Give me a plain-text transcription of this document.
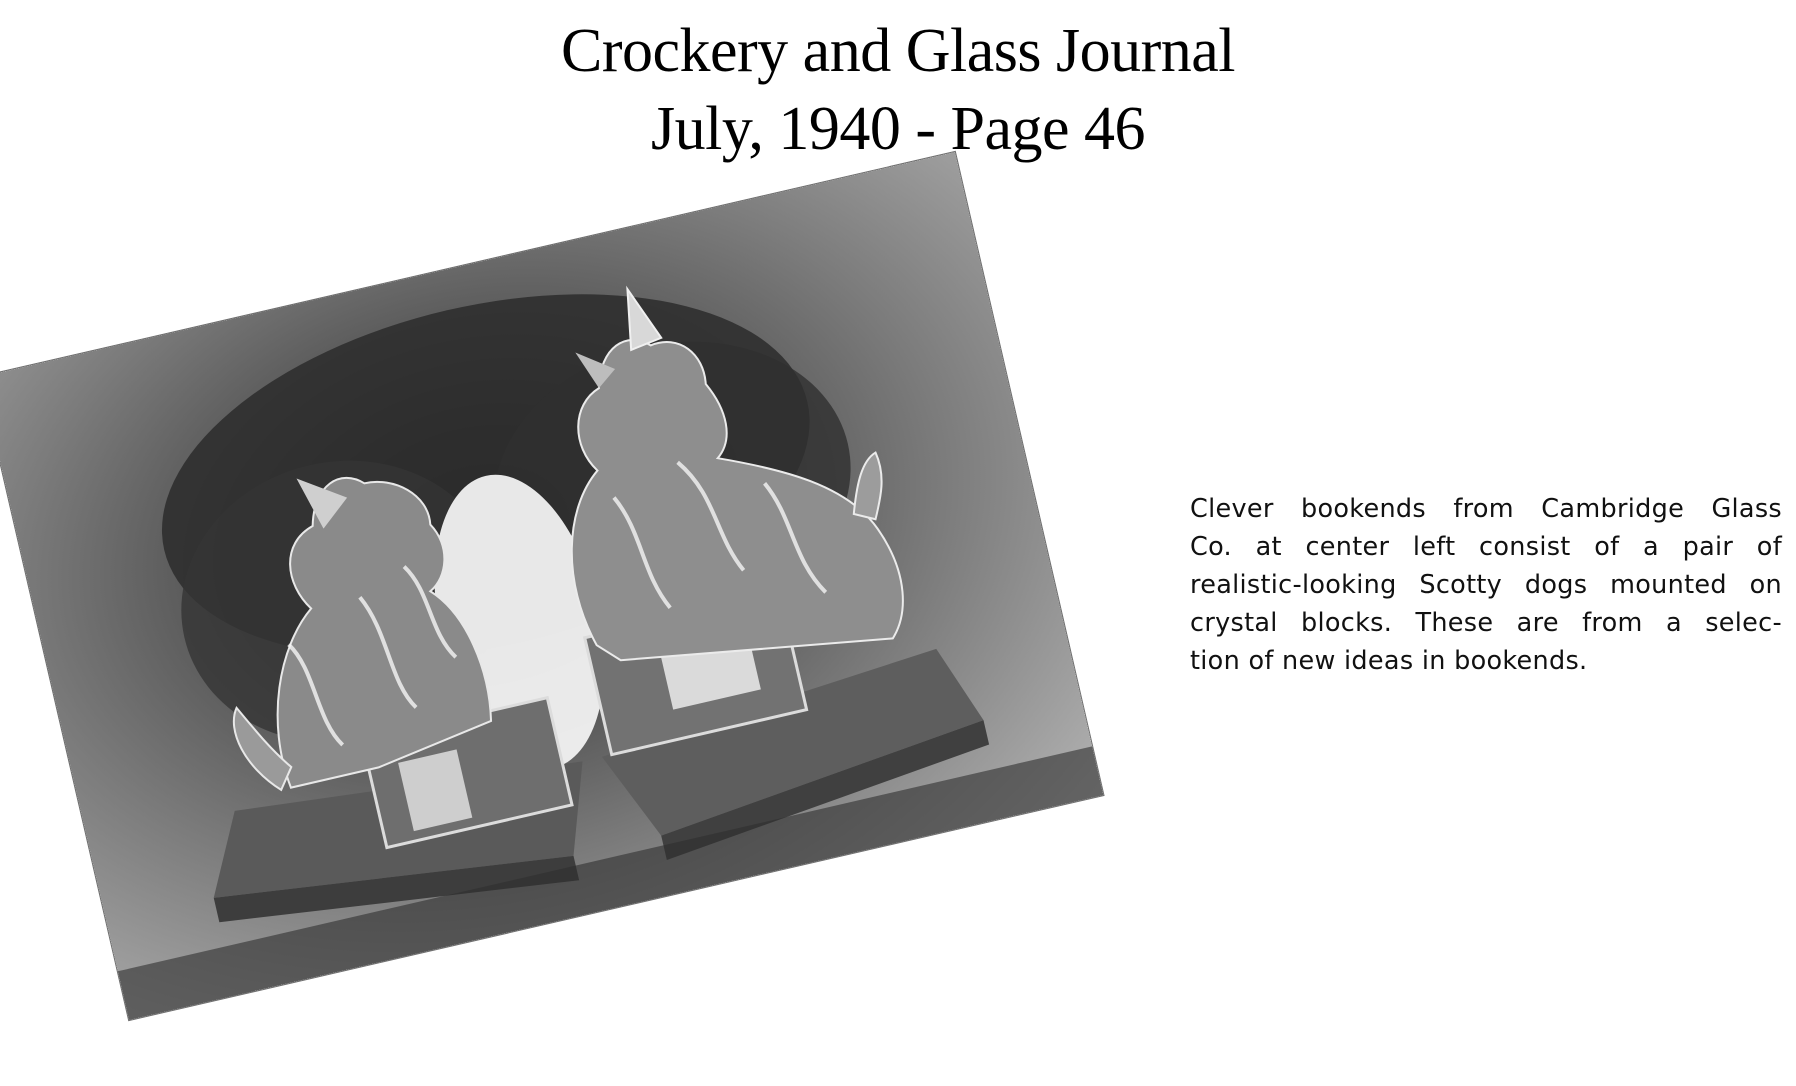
Crockery and Glass Journal
July, 1940 - Page 46
Clever bookends from Cambridge Glass
Co. at center left consist of a pair of
realistic-looking Scotty dogs mounted on
crystal blocks. These are from a selec-
tion of new ideas in bookends.
